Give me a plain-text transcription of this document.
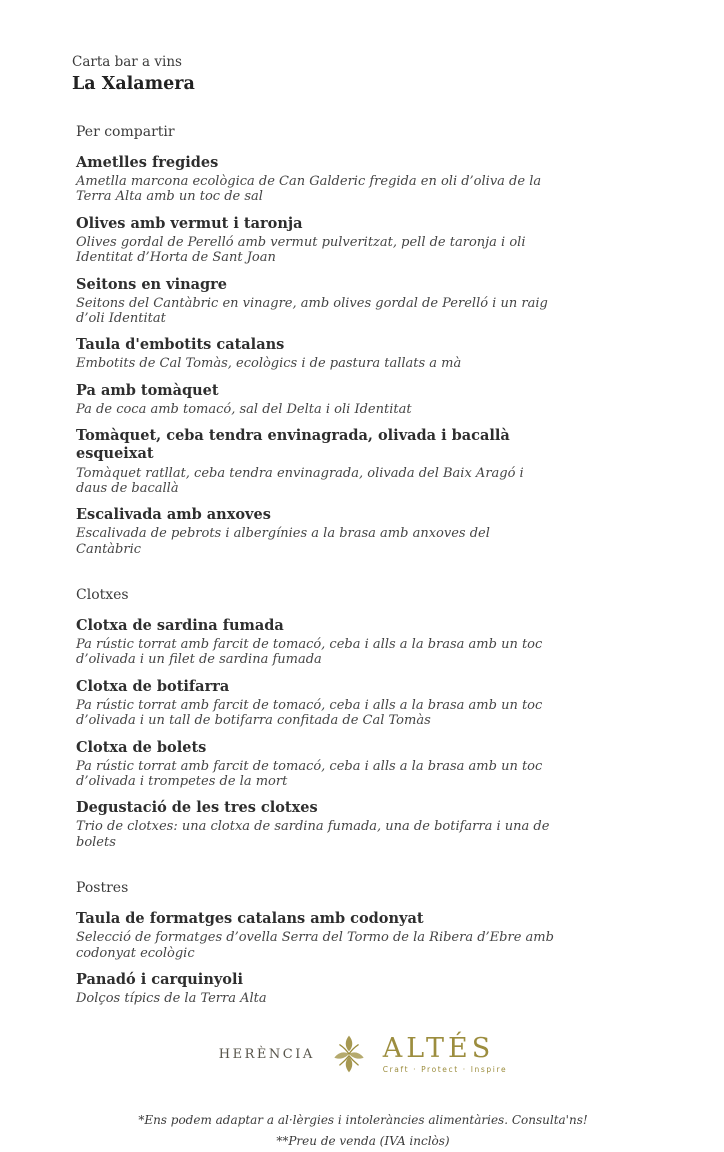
Carta bar a vins

La Xalamera
Per compartir
Ametlles fregides

Ametlla marcona ecològica de Can Galderic fregida en oli d’oliva de la Terra Alta amb un toc de sal

Olives amb vermut i taronja

Olives gordal de Perelló amb vermut pulveritzat, pell de taronja i oli Identitat d’Horta de Sant Joan

Seitons en vinagre

Seitons del Cantàbric en vinagre, amb olives gordal de Perelló i un raig d’oli Identitat

Taula d'embotits catalans

Embotits de Cal Tomàs, ecològics i de pastura tallats a mà

Pa amb tomàquet

Pa de coca amb tomacó, sal del Delta i oli Identitat

Tomàquet, ceba tendra envinagrada, olivada i bacallà esqueixat

Tomàquet ratllat, ceba tendra envinagrada, olivada del Baix Aragó i daus de bacallà

Escalivada amb anxoves

Escalivada de pebrots i albergínies a la brasa amb anxoves del Cantàbric

Clotxes
Clotxa de sardina fumada

Pa rústic torrat amb farcit de tomacó, ceba i alls a la brasa amb un toc d’olivada i un filet de sardina fumada

Clotxa de botifarra

Pa rústic torrat amb farcit de tomacó, ceba i alls a la brasa amb un toc d’olivada i un tall de botifarra confitada de Cal Tomàs

Clotxa de bolets

Pa rústic torrat amb farcit de tomacó, ceba i alls a la brasa amb un toc d’olivada i trompetes de la mort

Degustació de les tres clotxes

Trio de clotxes: una clotxa de sardina fumada, una de botifarra i una de bolets

Postres
Taula de formatges catalans amb codonyat

Selecció de formatges d’ovella Serra del Tormo de la Ribera d’Ebre amb codonyat ecològic

Panadó i carquinyoli

Dolços típics de la Terra Alta

HERÈNCIA	ALTÉS
Craft · Protect · Inspire
*Ens podem adaptar a al·lèrgies i intoleràncies alimentàries. Consulta'ns!
**Preu de venda (IVA inclòs)
